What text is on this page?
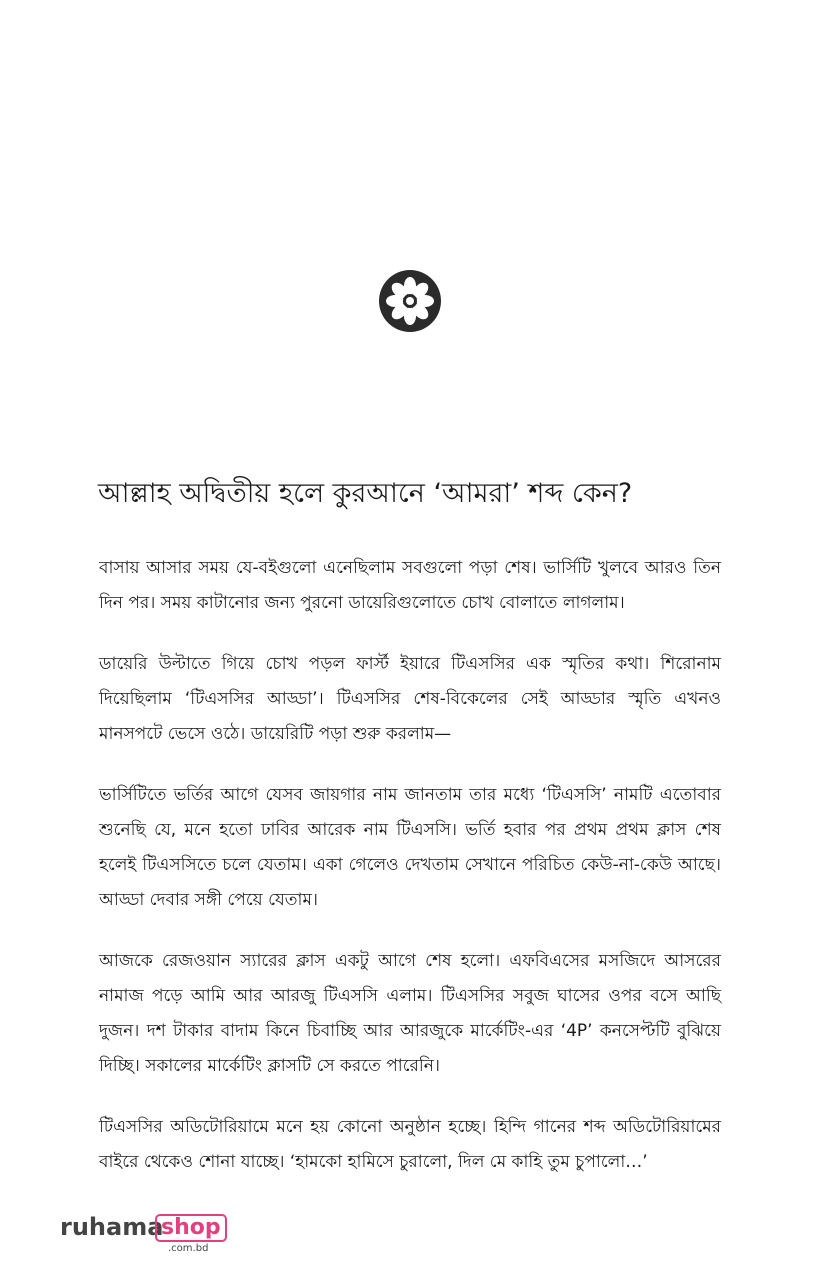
আল্লাহ অদ্বিতীয় হলে কুরআনে ‘আমরা’ শব্দ কেন?

বাসায় আসার সময় যে-বইগুলো এনেছিলাম সবগুলো পড়া শেষ। ভার্সিটি খুলবে আরও তিন দিন পর। সময় কাটানোর জন্য পুরনো ডায়েরিগুলোতে চোখ বোলাতে লাগলাম।

ডায়েরি উল্টাতে গিয়ে চোখ পড়ল ফার্স্ট ইয়ারে টিএসসির এক স্মৃতির কথা। শিরোনাম দিয়েছিলাম ‘টিএসসির আড্ডা’। টিএসসির শেষ-বিকেলের সেই আড্ডার স্মৃতি এখনও মানসপটে ভেসে ওঠে। ডায়েরিটি পড়া শুরু করলাম—

ভার্সিটিতে ভর্তির আগে যেসব জায়গার নাম জানতাম তার মধ্যে ‘টিএসসি’ নামটি এতোবার শুনেছি যে, মনে হতো ঢাবির আরেক নাম টিএসসি। ভর্তি হবার পর প্রথম প্রথম ক্লাস শেষ হলেই টিএসসিতে চলে যেতাম। একা গেলেও দেখতাম সেখানে পরিচিত কেউ-না-কেউ আছে। আড্ডা দেবার সঙ্গী পেয়ে যেতাম।

আজকে রেজওয়ান স্যারের ক্লাস একটু আগে শেষ হলো। এফবিএসের মসজিদে আসরের নামাজ পড়ে আমি আর আরজু টিএসসি এলাম। টিএসসির সবুজ ঘাসের ওপর বসে আছি দুজন। দশ টাকার বাদাম কিনে চিবাচ্ছি আর আরজুকে মার্কেটিং-এর ‘4P’ কনসেপ্টটি বুঝিয়ে দিচ্ছি। সকালের মার্কেটিং ক্লাসটি সে করতে পারেনি।

টিএসসির অডিটোরিয়ামে মনে হয় কোনো অনুষ্ঠান হচ্ছে। হিন্দি গানের শব্দ অডিটোরিয়ামের বাইরে থেকেও শোনা যাচ্ছে। ‘হামকো হামিসে চুরালো, দিল মে কাহি তুম চুপালো…’

ruhama
shop
.com.bd
